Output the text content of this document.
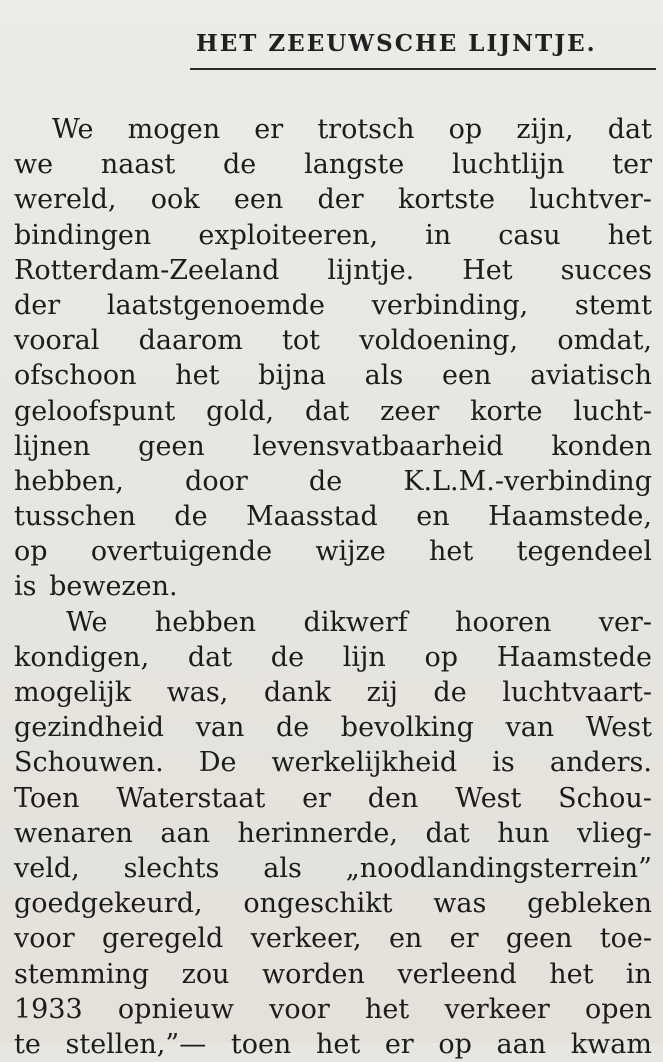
HET ZEEUWSCHE LIJNTJE.
We mogen er trotsch op zijn, dat
we naast de langste luchtlijn ter
wereld, ook een der kortste luchtver-
bindingen exploiteeren, in casu het
Rotterdam-Zeeland lijntje. Het succes
der laatstgenoemde verbinding, stemt
vooral daarom tot voldoening, omdat,
ofschoon het bijna als een aviatisch
geloofspunt gold, dat zeer korte lucht-
lijnen geen levensvatbaarheid konden
hebben, door de K.L.M.-verbinding
tusschen de Maasstad en Haamstede,
op overtuigende wijze het tegendeel
is bewezen.
We hebben dikwerf hooren ver-
kondigen, dat de lijn op Haamstede
mogelijk was, dank zij de luchtvaart-
gezindheid van de bevolking van West
Schouwen. De werkelijkheid is anders.
Toen Waterstaat er den West Schou-
wenaren aan herinnerde, dat hun vlieg-
veld, slechts als „noodlandingsterrein”
goedgekeurd, ongeschikt was gebleken
voor geregeld verkeer, en er geen toe-
stemming zou worden verleend het in
1933 opnieuw voor het verkeer open
te stellen,”— toen het er op aan kwam
